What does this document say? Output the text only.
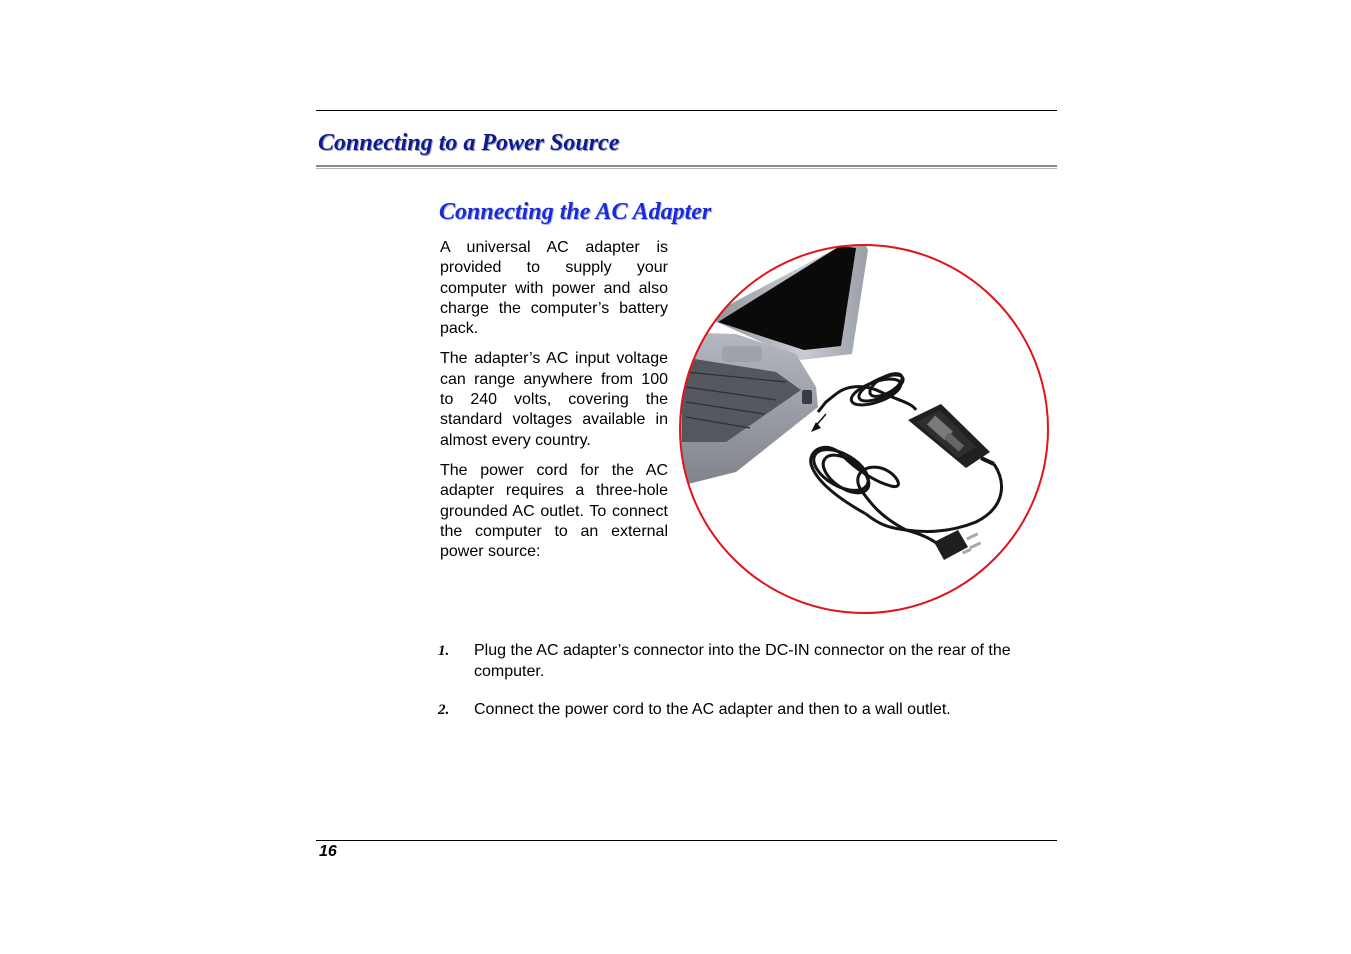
Connecting to a Power Source
Connecting the AC Adapter

A universal AC adapter is provided to supply your computer with power and also charge the computer’s battery pack.

The adapter’s AC input voltage can range anywhere from 100 to 240 volts, covering the standard voltages available in almost every country.

The power cord for the AC adapter requires a three-hole grounded AC outlet. To connect the computer to an external power source:

1. Plug the AC adapter’s connector into the DC-IN connector on the rear of the computer.
2. Connect the power cord to the AC adapter and then to a wall outlet.
16
